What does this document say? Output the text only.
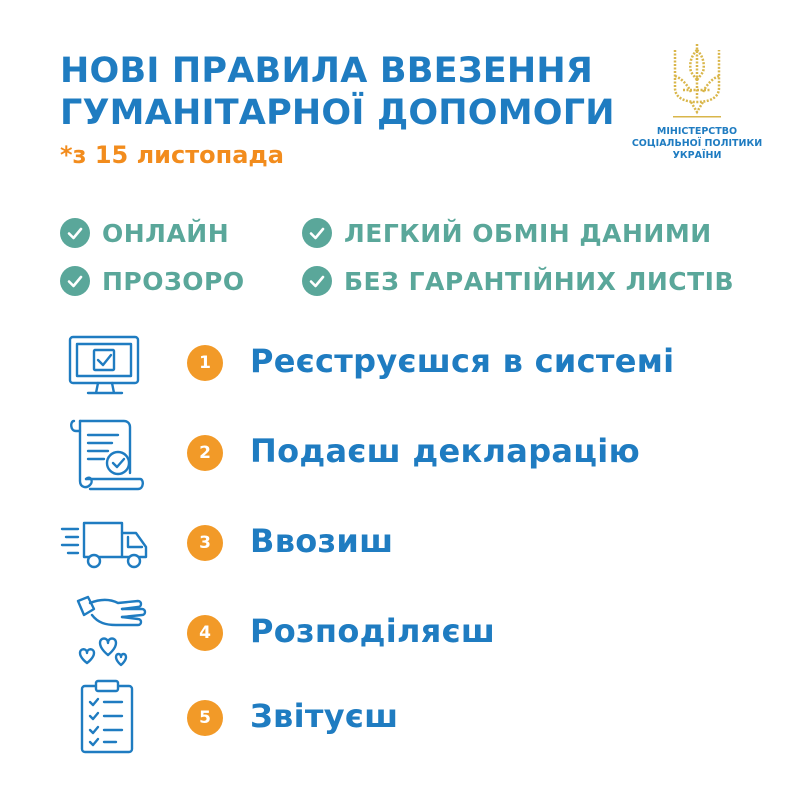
НОВІ ПРАВИЛА ВВЕЗЕННЯ
ГУМАНІТАРНОЇ ДОПОМОГИ
*з 15 листопада
МІНІСТЕРСТВО
СОЦІАЛЬНОЇ ПОЛІТИКИ
УКРАЇНИ
ОНЛАЙН	ЛЕГКИЙ ОБМІН ДАНИМИ
ПРОЗОРО	БЕЗ ГАРАНТІЙНИХ ЛИСТІВ
1	Реєструєшся в системі
2	Подаєш декларацію
3	Ввозиш
4	Розподіляєш
5	Звітуєш
